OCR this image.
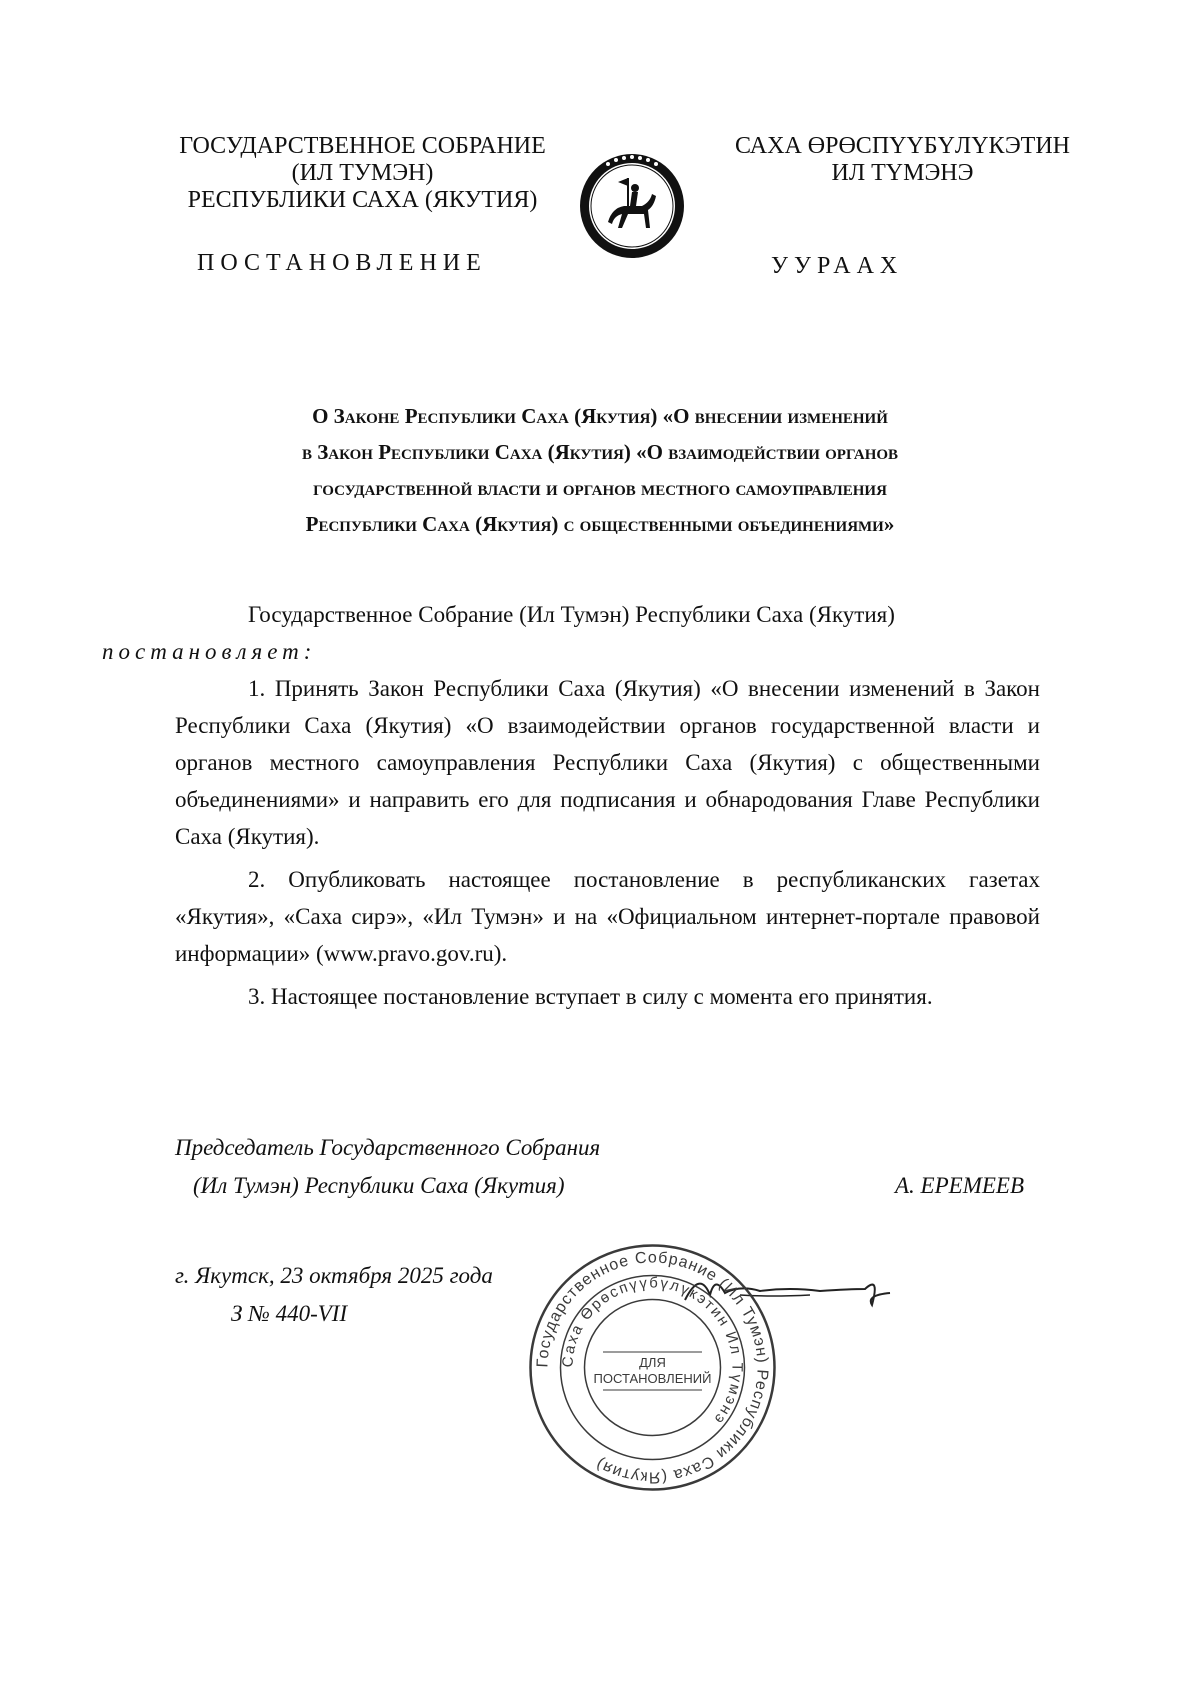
ГОСУДАРСТВЕННОЕ СОБРАНИЕ
(ИЛ ТУМЭН)
РЕСПУБЛИКИ САХА (ЯКУТИЯ)
САХА ӨРӨСПҮҮБҮЛҮКЭТИН
ИЛ ТҮМЭНЭ
ПОСТАНОВЛЕНИЕ	УУРААХ
О Законе Республики Саха (Якутия) «О внесении изменений
в Закон Республики Саха (Якутия) «О взаимодействии органов
государственной власти и органов местного самоуправления
Республики Саха (Якутия) с общественными объединениями»

Государственное Собрание (Ил Тумэн) Республики Саха (Якутия)
постановляет:

1. Принять Закон Республики Саха (Якутия) «О внесении изменений в Закон Республики Саха (Якутия) «О взаимодействии органов государственной власти и органов местного самоуправления Республики Саха (Якутия) с общественными объединениями» и направить его для подписания и обнародования Главе Республики Саха (Якутия).

2. Опубликовать настоящее постановление в республиканских газетах «Якутия», «Саха сирэ», «Ил Тумэн» и на «Официальном интернет-портале правовой информации» (www.pravo.gov.ru).

3. Настоящее постановление вступает в силу с момента его принятия.

Председатель Государственного Собрания
(Ил Тумэн) Республики Саха (Якутия)	А. ЕРЕМЕЕВ
г. Якутск, 23 октября 2025 года
З № 440-VII
Государственное Собрание (Ил Тумэн) Республики Саха (Якутия)
Саха Өрөспүүбүлүкэтин Ил Түмэнэ
ДЛЯ
ПОСТАНОВЛЕНИЙ
